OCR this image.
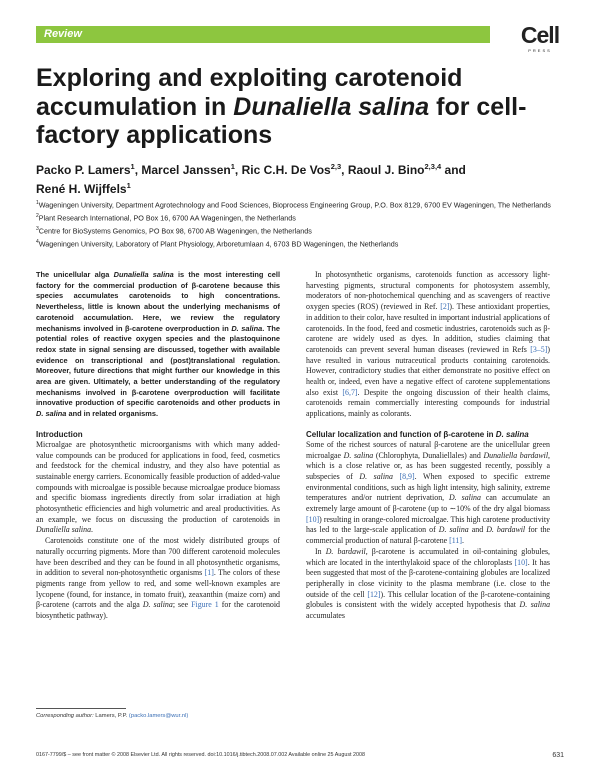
Review	Cell
PRESS
Exploring and exploiting carotenoid accumulation in Dunaliella salina for cell-factory applications
Packo P. Lamers$^1$, Marcel Janssen$^1$, Ric C.H. De Vos$^{2,3}$, Raoul J. Bino$^{2,3,4}$ and
René H. Wijffels$^1$
$^1$Wageningen University, Department Agrotechnology and Food Sciences, Bioprocess Engineering Group, P.O. Box 8129, 6700 EV Wageningen, The Netherlands
$^2$Plant Research International, PO Box 16, 6700 AA Wageningen, the Netherlands
$^3$Centre for BioSystems Genomics, PO Box 98, 6700 AB Wageningen, the Netherlands
$^4$Wageningen University, Laboratory of Plant Physiology, Arboretumlaan 4, 6703 BD Wageningen, the Netherlands

The unicellular alga Dunaliella salina is the most interesting cell factory for the commercial production of β-carotene because this species accumulates carotenoids to high concentrations. Nevertheless, little is known about the underlying mechanisms of carotenoid accumulation. Here, we review the regulatory mechanisms involved in β-carotene overproduction in D. salina. The potential roles of reactive oxygen species and the plastoquinone redox state in signal sensing are discussed, together with available evidence on transcriptional and (post)translational regulation. Moreover, future directions that might further our knowledge in this area are given. Ultimately, a better understanding of the regulatory mechanisms involved in β-carotene overproduction will facilitate innovative production of specific carotenoids and other products in D. salina and in related organisms.

Introduction

Microalgae are photosynthetic microorganisms with which many added-value compounds can be produced for applications in food, feed, cosmetics and feedstock for the chemical industry, and they also have potential as sustainable energy carriers. Economically feasible production of added-value compounds with microalgae is possible because microalgae produce biomass and specific biomass ingredients directly from solar irradiation at high photosynthetic efficiencies and high volumetric and areal productivities. As an example, we focus on discussing the production of carotenoids in Dunaliella salina.

Carotenoids constitute one of the most widely distributed groups of naturally occurring pigments. More than 700 different carotenoid molecules have been described and they can be found in all photosynthetic organisms, in addition to several non-photosynthetic organisms [1]. The colors of these pigments range from yellow to red, and some well-known examples are lycopene (found, for instance, in tomato fruit), zeaxanthin (maize corn) and β-carotene (carrots and the alga D. salina; see Figure 1 for the carotenoid biosynthetic pathway).

In photosynthetic organisms, carotenoids function as accessory light-harvesting pigments, structural components for photosystem assembly, moderators of non-photochemical quenching and as scavengers of reactive oxygen species (ROS) (reviewed in Ref. [2]). These antioxidant properties, in addition to their color, have resulted in important industrial applications of carotenoids. In the food, feed and cosmetic industries, carotenoids such as β-carotene are widely used as dyes. In addition, studies claiming that carotenoids can prevent several human diseases (reviewed in Refs [3–5]) have resulted in various nutraceutical products containing carotenoids. However, contradictory studies that either demonstrate no positive effect on health or, indeed, even have a negative effect of carotene supplementations also exist [6,7]. Despite the ongoing discussion of their health claims, carotenoids remain commercially interesting compounds for industrial applications, mainly as colorants.

Cellular localization and function of β-carotene in D. salina

Some of the richest sources of natural β-carotene are the unicellular green microalgae D. salina (Chlorophyta, Dunaliellales) and Dunaliella bardawil, which is a close relative or, as has been suggested recently, possibly a subspecies of D. salina [8,9]. When exposed to specific extreme environmental conditions, such as high light intensity, high salinity, extreme temperatures and/or nutrient deprivation, D. salina can accumulate an extremely large amount of β-carotene (up to ∼10% of the dry algal biomass [10]) resulting in orange-colored microalgae. This high carotene productivity has led to the large-scale application of D. salina and D. bardawil for the commercial production of natural β-carotene [11].

In D. bardawil, β-carotene is accumulated in oil-containing globules, which are located in the interthylakoid space of the chloroplasts [10]. It has been suggested that most of the β-carotene-containing globules are localized peripherally in close vicinity to the plasma membrane (i.e. close to the outside of the cell [12]). This cellular location of the β-carotene-containing globules is consistent with the widely accepted hypothesis that D. salina accumulates

Corresponding author: Lamers, P.P. (packo.lamers@wur.nl)
0167-7799/$ – see front matter © 2008 Elsevier Ltd. All rights reserved. doi:10.1016/j.tibtech.2008.07.002 Available online 25 August 2008	631
